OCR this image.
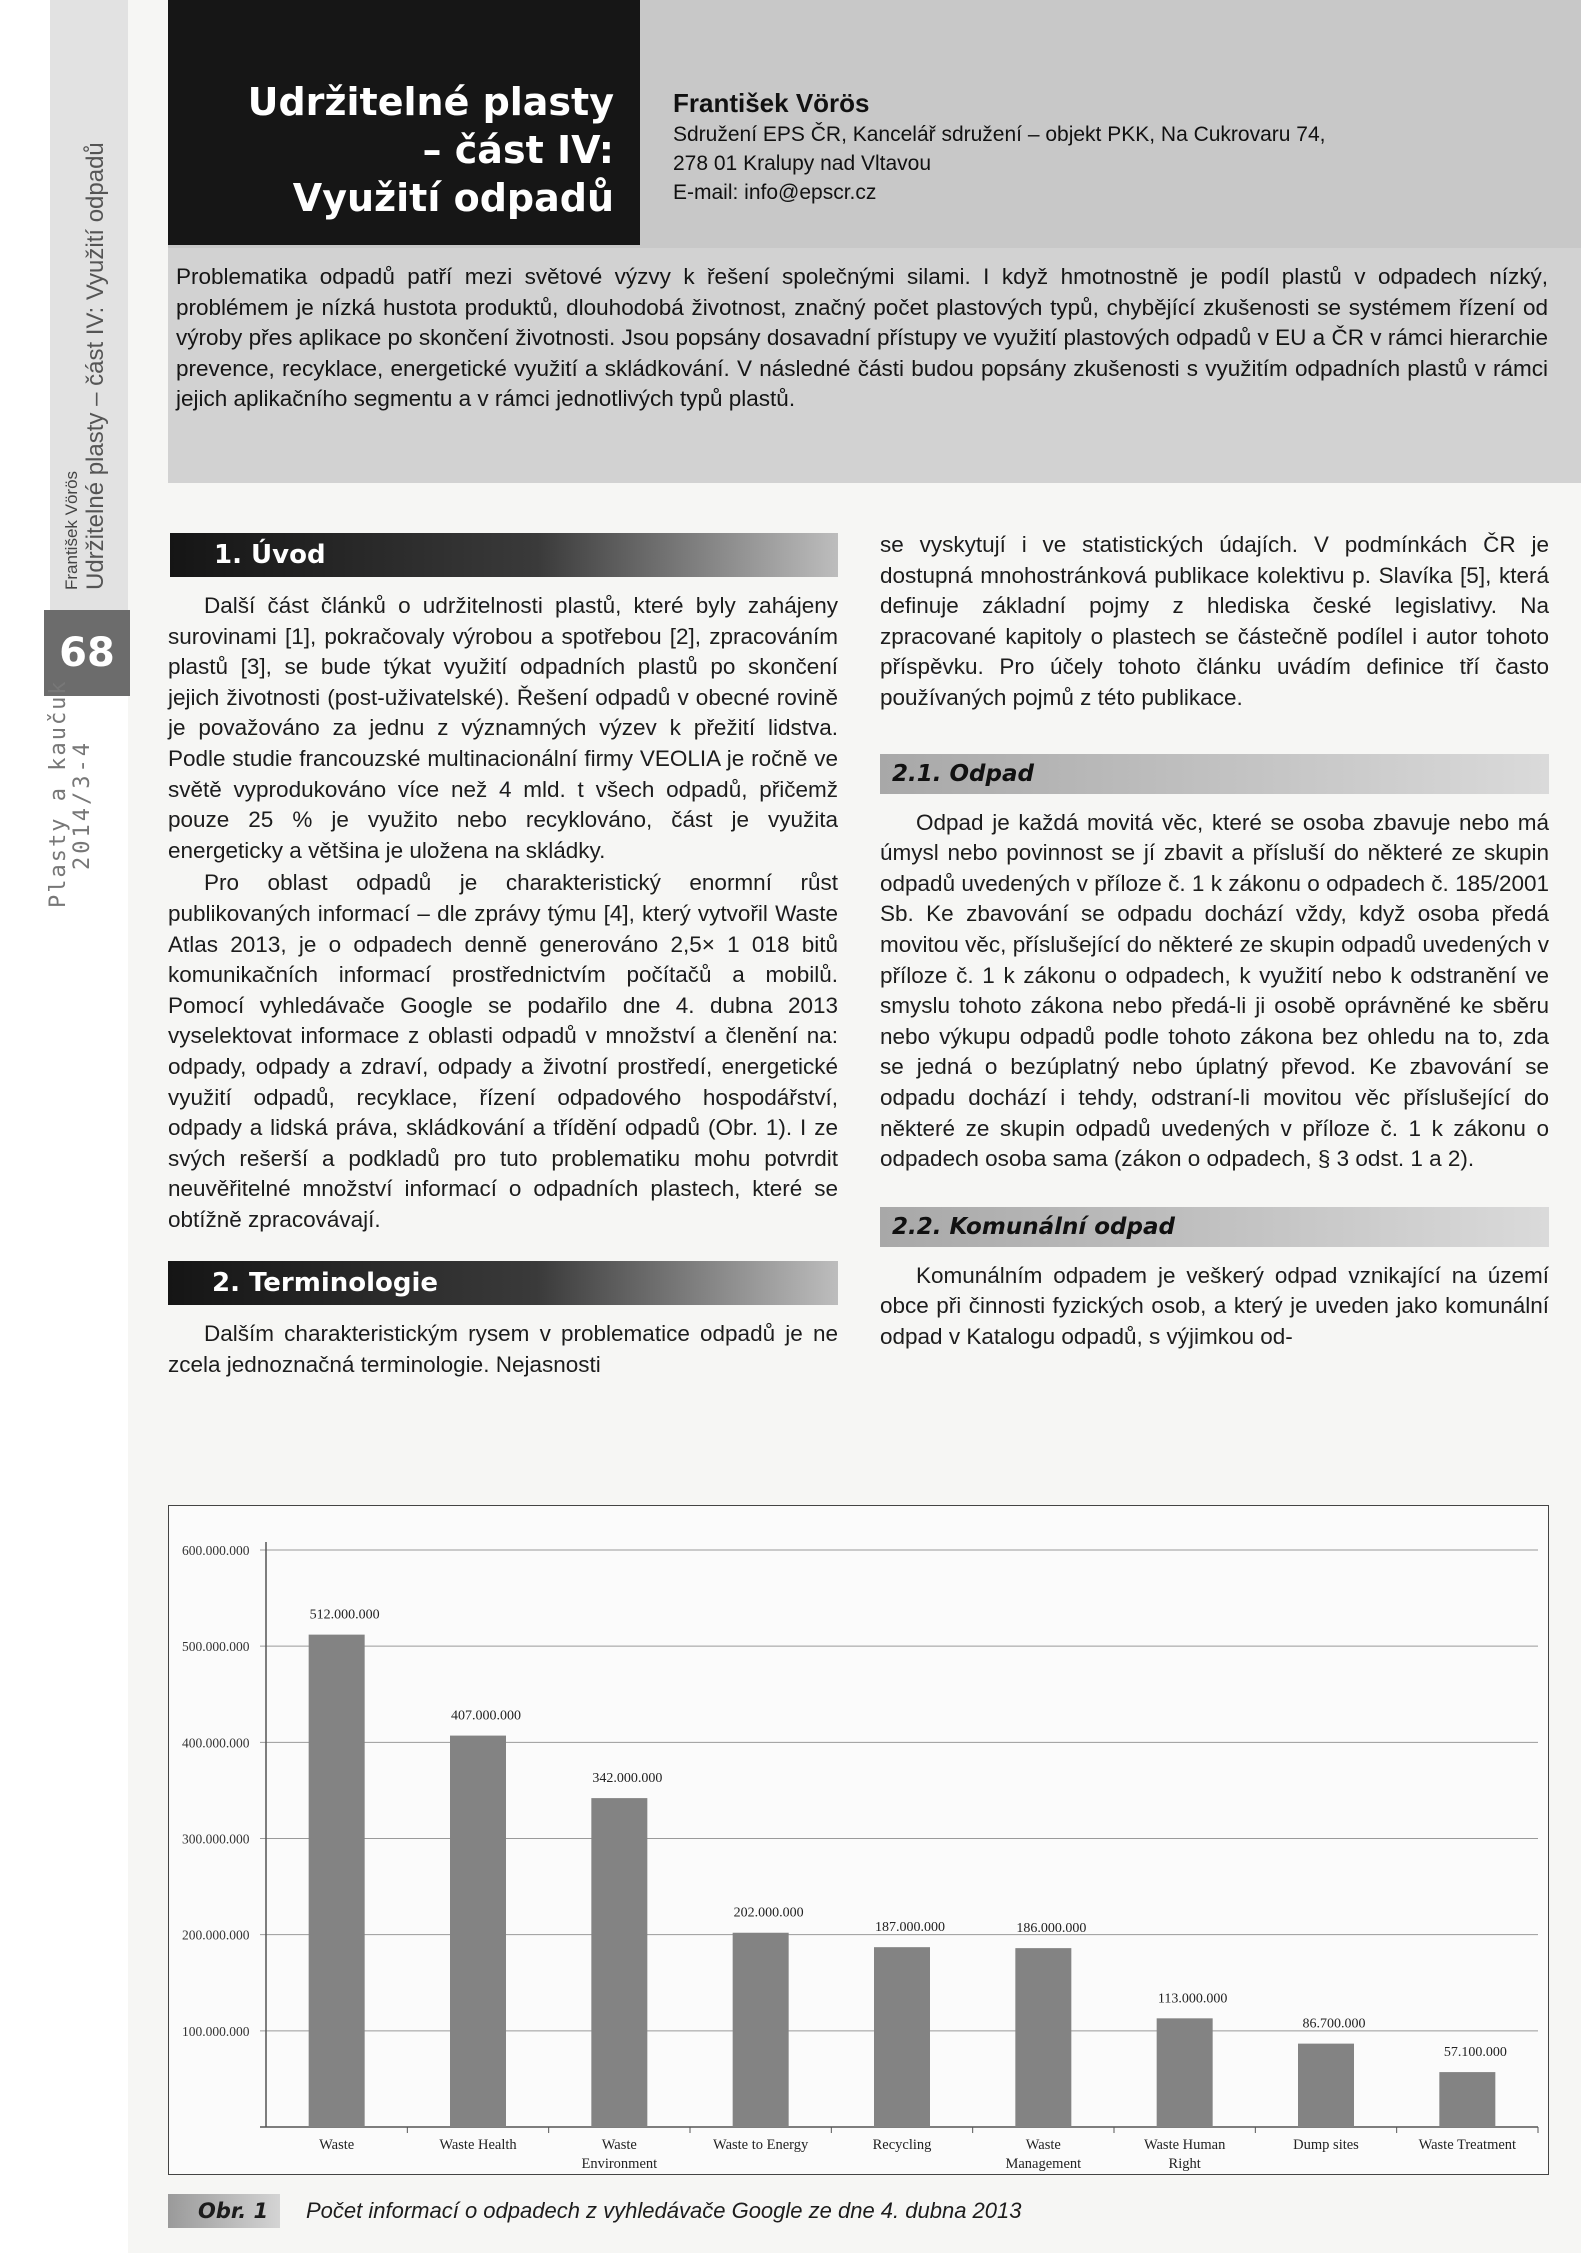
František Vörös Udržitelné plasty – část IV: Využití odpadů
68
Plasty a kaučuk 2014/3-4
Udržitelné plasty
– část IV:
Využití odpadů
František Vörös
Sdružení EPS ČR, Kancelář sdružení – objekt PKK, Na Cukrovaru 74,
278 01 Kralupy nad Vltavou
E-mail: info@epscr.cz
Problematika odpadů patří mezi světové výzvy k řešení společnými silami. I když hmotnostně je podíl plastů v odpadech nízký, problémem je nízká hustota produktů, dlouhodobá životnost, značný počet plastových typů, chybějící zkušenosti se systémem řízení od výroby přes aplikace po skončení životnosti. Jsou popsány dosavadní přístupy ve využití plastových odpadů v EU a ČR v rámci hierarchie prevence, recyklace, energetické využití a skládkování. V následné části budou popsány zkušenosti s využitím odpadních plastů v rámci jejich aplikačního segmentu a v rámci jednotlivých typů plastů.
1. Úvod

Další část článků o udržitelnosti plastů, které byly zahájeny surovinami [1], pokračovaly výrobou a spotřebou [2], zpracováním plastů [3], se bude týkat využití odpadních plastů po skončení jejich životnosti (post-uživatelské). Řešení odpadů v obecné rovině je považováno za jednu z významných výzev k přežití lidstva. Podle studie francouzské multinacionální firmy VEOLIA je ročně ve světě vyprodukováno více než 4 mld. t všech odpadů, přičemž pouze 25 % je využito nebo recyklováno, část je využita energeticky a většina je uložena na skládky.

Pro oblast odpadů je charakteristický enormní růst publikovaných informací – dle zprávy týmu [4], který vytvořil Waste Atlas 2013, je o odpadech denně generováno 2,5× 1 018 bitů komunikačních informací prostřednictvím počítačů a mobilů. Pomocí vyhledávače Google se podařilo dne 4. dubna 2013 vyselektovat informace z oblasti odpadů v množství a členění na: odpady, odpady a zdraví, odpady a životní prostředí, energetické využití odpadů, recyklace, řízení odpadového hospodářství, odpady a lidská práva, skládkování a třídění odpadů (Obr. 1). I ze svých rešerší a podkladů pro tuto problematiku mohu potvrdit neuvěřitelné množství informací o odpadních plastech, které se obtížně zpracovávají.

2. Terminologie

Dalším charakteristickým rysem v problematice odpadů je ne zcela jednoznačná terminologie. Nejasnosti

se vyskytují i ve statistických údajích. V podmínkách ČR je dostupná mnohostránková publikace kolektivu p. Slavíka [5], která definuje základní pojmy z hlediska české legislativy. Na zpracované kapitoly o plastech se částečně podílel i autor tohoto příspěvku. Pro účely tohoto článku uvádím definice tří často používaných pojmů z této publikace.

2.1. Odpad

Odpad je každá movitá věc, které se osoba zbavuje nebo má úmysl nebo povinnost se jí zbavit a přísluší do některé ze skupin odpadů uvedených v příloze č. 1 k zákonu o odpadech č. 185/2001 Sb. Ke zbavování se odpadu dochází vždy, když osoba předá movitou věc, příslušející do některé ze skupin odpadů uvedených v příloze č. 1 k zákonu o odpadech, k využití nebo k odstranění ve smyslu tohoto zákona nebo předá-li ji osobě oprávněné ke sběru nebo výkupu odpadů podle tohoto zákona bez ohledu na to, zda se jedná o bezúplatný nebo úplatný převod. Ke zbavování se odpadu dochází i tehdy, odstraní-li movitou věc příslušející do některé ze skupin odpadů uvedených v příloze č. 1 k zákonu o odpadech osoba sama (zákon o odpadech, § 3 odst. 1 a 2).

2.2. Komunální odpad

Komunálním odpadem je veškerý odpad vznikající na území obce při činnosti fyzických osob, a který je uveden jako komunální odpad v Katalogu odpadů, s výjimkou od-

100.000.000
200.000.000
300.000.000
400.000.000
500.000.000
600.000.000
512.000.000
Waste
407.000.000
Waste Health
342.000.000
Waste
Environment
202.000.000
Waste to Energy
187.000.000
Recycling
186.000.000
Waste
Management
113.000.000
Waste Human
Right
86.700.000
Dump sites
57.100.000
Waste Treatment
Obr. 1	Počet informací o odpadech z vyhledávače Google ze dne 4. dubna 2013
